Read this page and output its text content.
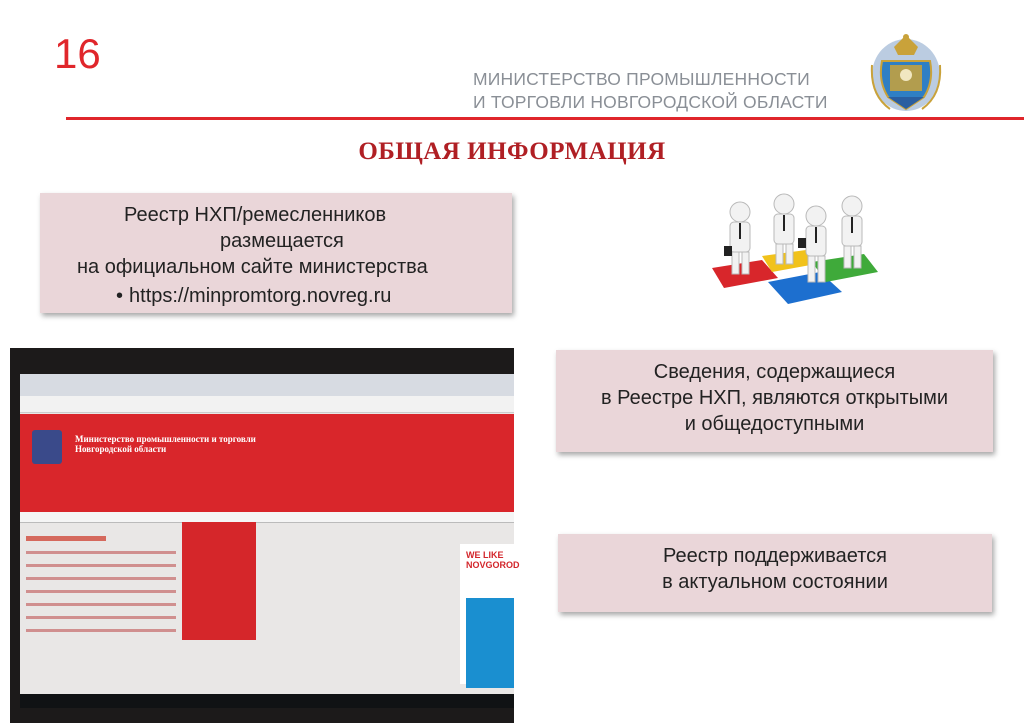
16
МИНИСТЕРСТВО ПРОМЫШЛЕННОСТИ
И ТОРГОВЛИ НОВГОРОДСКОЙ ОБЛАСТИ
ОБЩАЯ ИНФОРМАЦИЯ
Реестр НХП/ремесленников
размещается
на официальном сайте министерства
• https://minpromtorg.novreg.ru
Сведения, содержащиеся
в Реестре НХП, являются открытыми
и общедоступными
Реестр поддерживается
в актуальном состоянии
Министерство промышленности и торговли
Новгородской области
WE LIKE
NOVGOROD
